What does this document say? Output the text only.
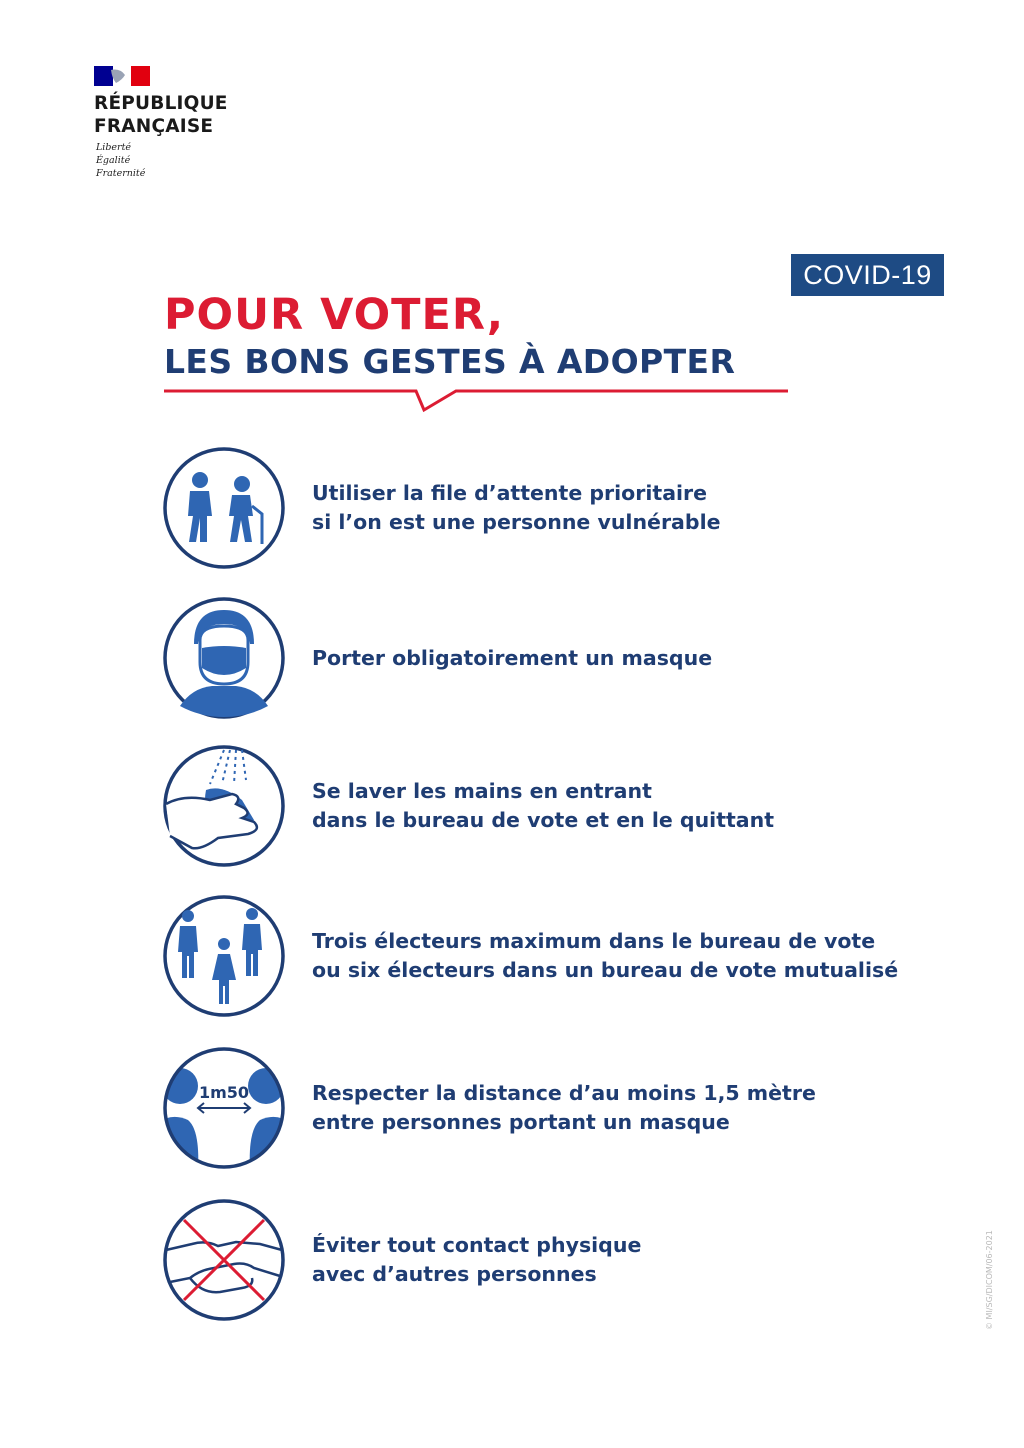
RÉPUBLIQUE
FRANÇAISE
Liberté
Égalité
Fraternité
COVID-19
POUR VOTER,
LES BONS GESTES À ADOPTER
Utiliser la file d’attente prioritaire
si l’on est une personne vulnérable
Porter obligatoirement un masque
Se laver les mains en entrant
dans le bureau de vote et en le quittant
Trois électeurs maximum dans le bureau de vote
ou six électeurs dans un bureau de vote mutualisé
1m50	Respecter la distance d’au moins 1,5 mètre
entre personnes portant un masque
Éviter tout contact physique
avec d’autres personnes	© MI/SG/DICOM/06-2021
